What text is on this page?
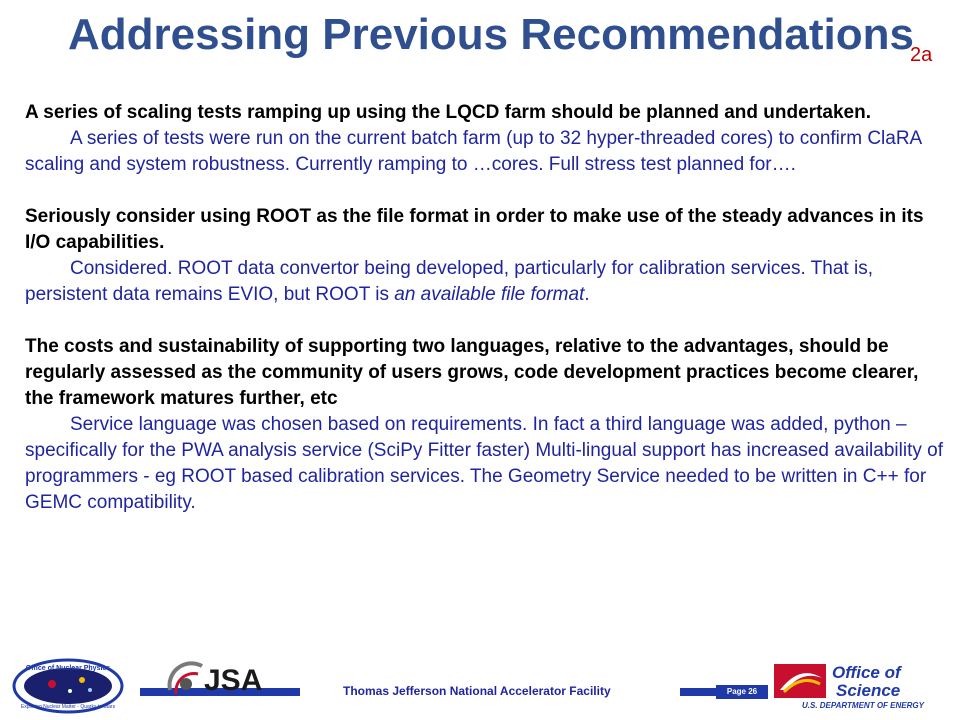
Addressing Previous Recommendations
2a
A series of scaling tests ramping up using the LQCD farm should be planned and undertaken.
A series of tests were run on the current batch farm (up to 32 hyper-threaded cores) to confirm ClaRA scaling and system robustness. Currently ramping to …cores. Full stress test planned for….
Seriously consider using ROOT as the file format in order to make use of the steady advances in its I/O capabilities.
Considered. ROOT data convertor being developed, particularly for calibration services. That is, persistent data remains EVIO, but ROOT is an available file format.
The costs and sustainability of supporting two languages, relative to the advantages, should be regularly assessed as the community of users grows, code development practices become clearer, the framework matures further, etc
Service language was chosen based on requirements. In fact a third language was added, python – specifically for the PWA analysis service (SciPy Fitter faster) Multi-lingual support has increased availability of programmers - eg ROOT based calibration services. The Geometry Service needed to be written in C++ for GEMC compatibility.
Office of Nuclear Physics
Exploring Nuclear Matter - Quarks to Stars
JSA	Thomas Jefferson National Accelerator Facility	Page 26
Office of
Science
U.S. DEPARTMENT OF ENERGY
